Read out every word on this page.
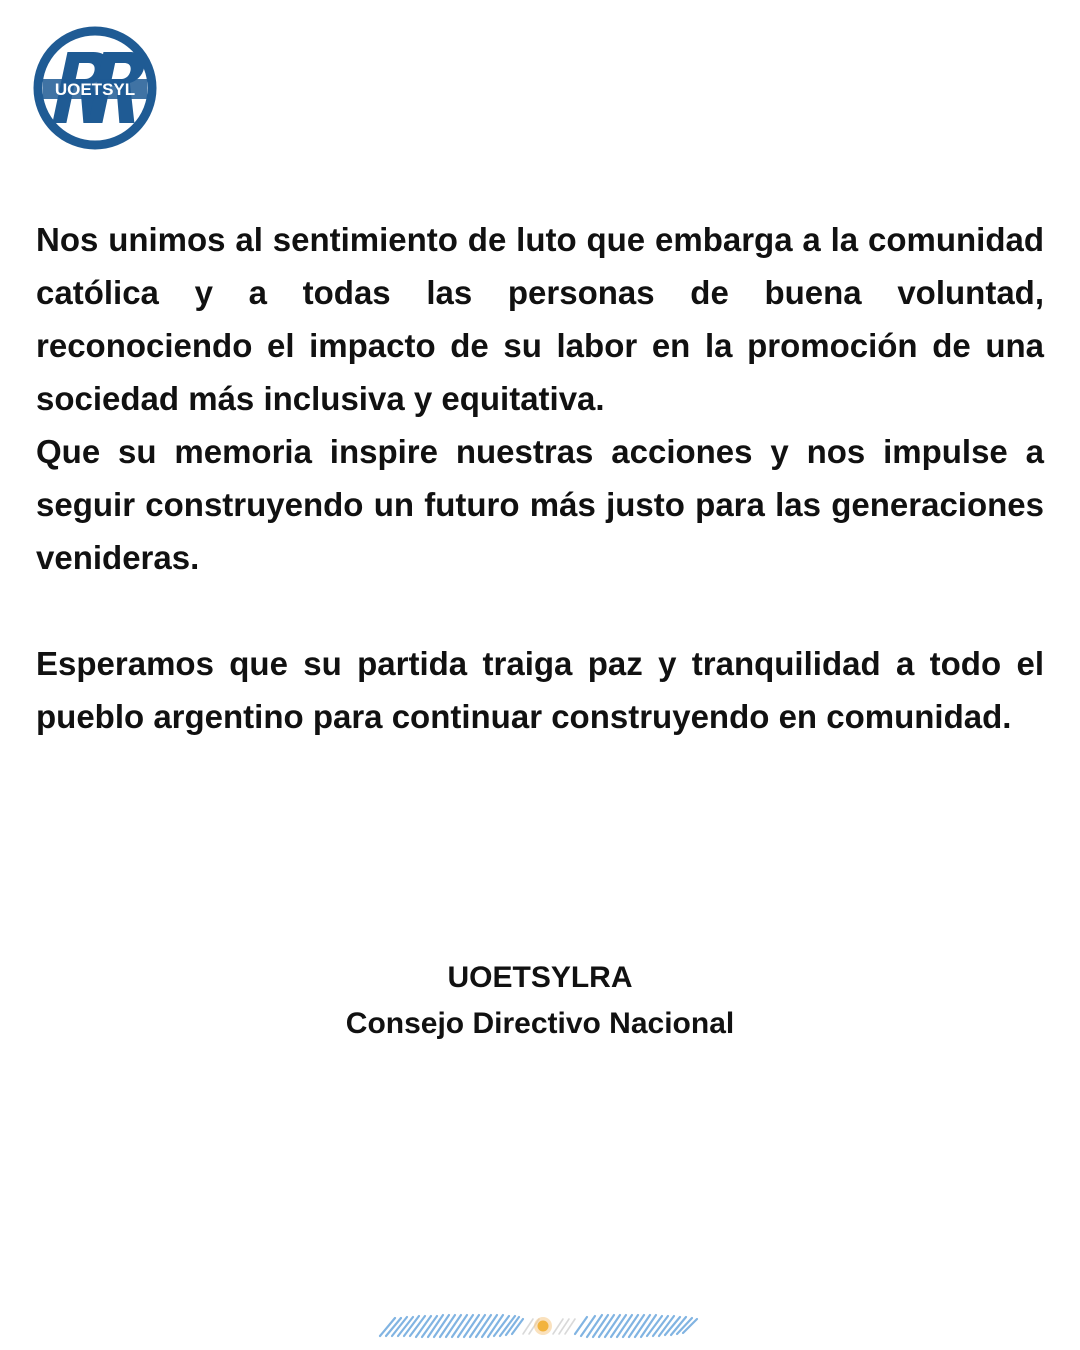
UOETSYL

Nos unimos al sentimiento de luto que embarga a la comunidad católica y a todas las personas de buena voluntad, reconociendo el impacto de su labor en la promoción de una sociedad más inclusiva y equitativa.

Que su memoria inspire nuestras acciones y nos impulse a seguir construyendo un futuro más justo para las generaciones venideras.

Esperamos que su partida traiga paz y tranquilidad a todo el pueblo argentino para continuar construyendo en comunidad.

UOETSYLRA
Consejo Directivo Nacional
